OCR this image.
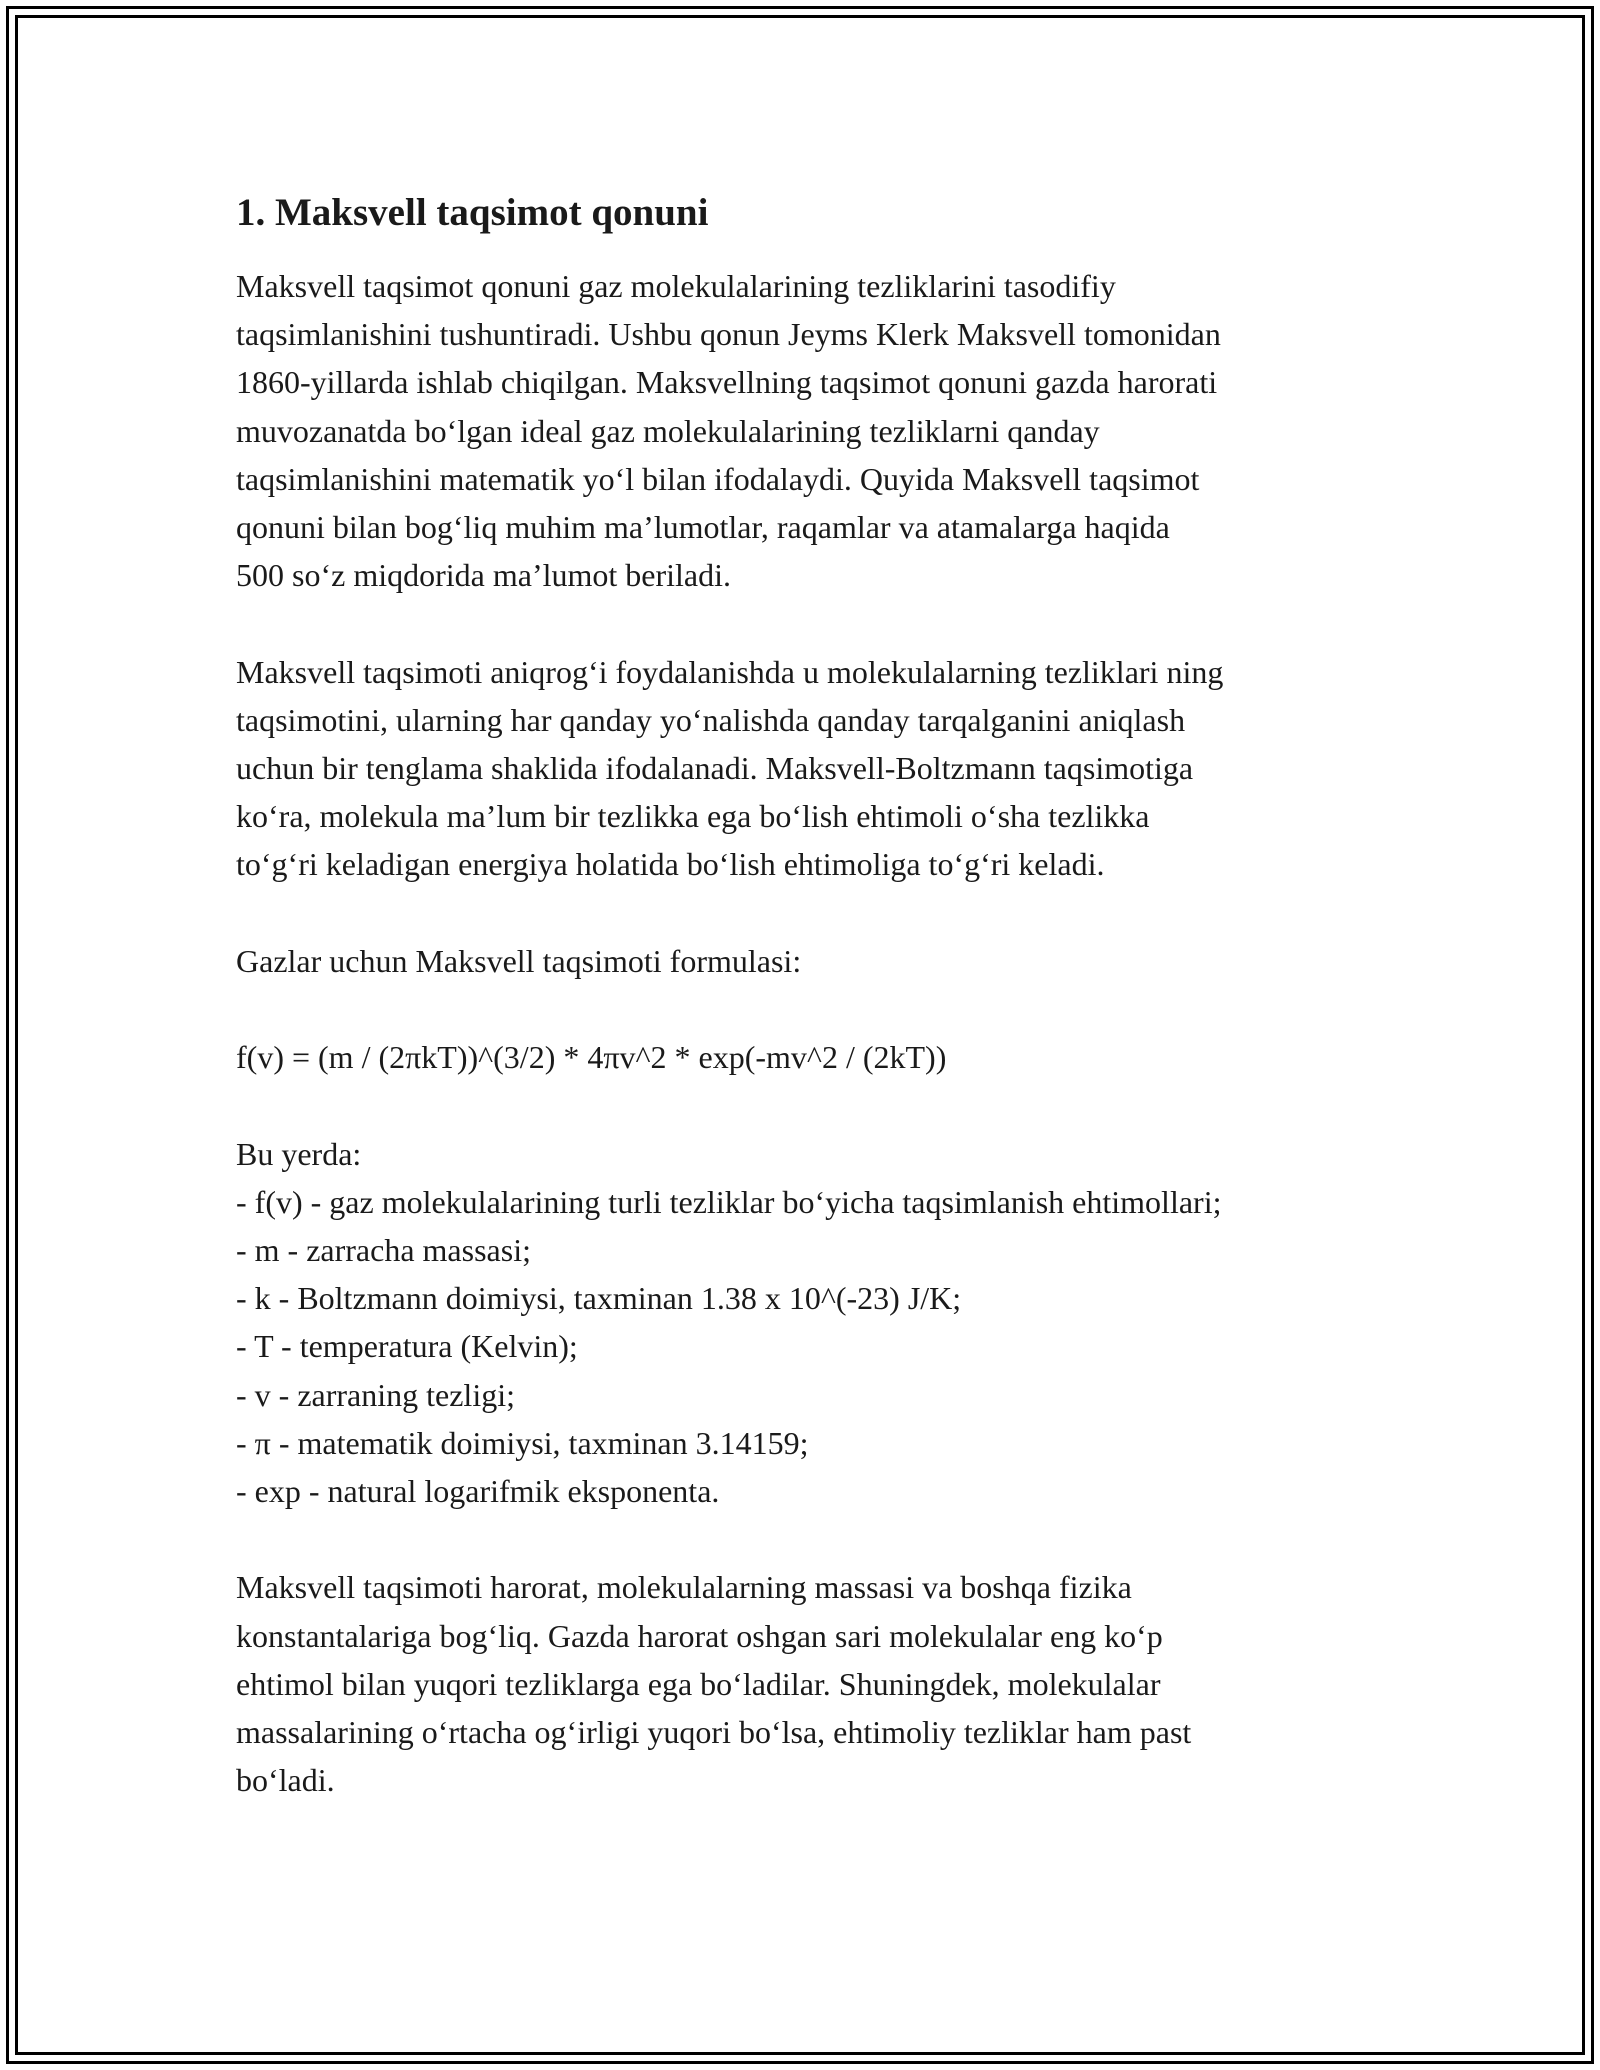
1. Maksvell taqsimot qonuni
Maksvell taqsimot qonuni gaz molekulalarining tezliklarini tasodifiy
taqsimlanishini tushuntiradi. Ushbu qonun Jeyms Klerk Maksvell tomonidan
1860-yillarda ishlab chiqilgan. Maksvellning taqsimot qonuni gazda harorati
muvozanatda boʻlgan ideal gaz molekulalarining tezliklarni qanday
taqsimlanishini matematik yoʻl bilan ifodalaydi. Quyida Maksvell taqsimot
qonuni bilan bogʻliq muhim maʼlumotlar, raqamlar va atamalarga haqida
500 soʻz miqdorida maʼlumot beriladi.
Maksvell taqsimoti aniqrogʻi foydalanishda u molekulalarning tezliklari ning
taqsimotini, ularning har qanday yoʻnalishda qanday tarqalganini aniqlash
uchun bir tenglama shaklida ifodalanadi. Maksvell-Boltzmann taqsimotiga
koʻra, molekula maʼlum bir tezlikka ega boʻlish ehtimoli oʻsha tezlikka
toʻgʻri keladigan energiya holatida boʻlish ehtimoliga toʻgʻri keladi.
Gazlar uchun Maksvell taqsimoti formulasi:
f(v) = (m / (2πkT))^(3/2) * 4πv^2 * exp(-mv^2 / (2kT))
Bu yerda:
- f(v) - gaz molekulalarining turli tezliklar boʻyicha taqsimlanish ehtimollari;
- m - zarracha massasi;
- k - Boltzmann doimiysi, taxminan 1.38 x 10^(-23) J/K;
- T - temperatura (Kelvin);
- v - zarraning tezligi;
- π - matematik doimiysi, taxminan 3.14159;
- exp - natural logarifmik eksponenta.
Maksvell taqsimoti harorat, molekulalarning massasi va boshqa fizika
konstantalariga bogʻliq. Gazda harorat oshgan sari molekulalar eng koʻp
ehtimol bilan yuqori tezliklarga ega boʻladilar. Shuningdek, molekulalar
massalarining oʻrtacha ogʻirligi yuqori boʻlsa, ehtimoliy tezliklar ham past
boʻladi.
